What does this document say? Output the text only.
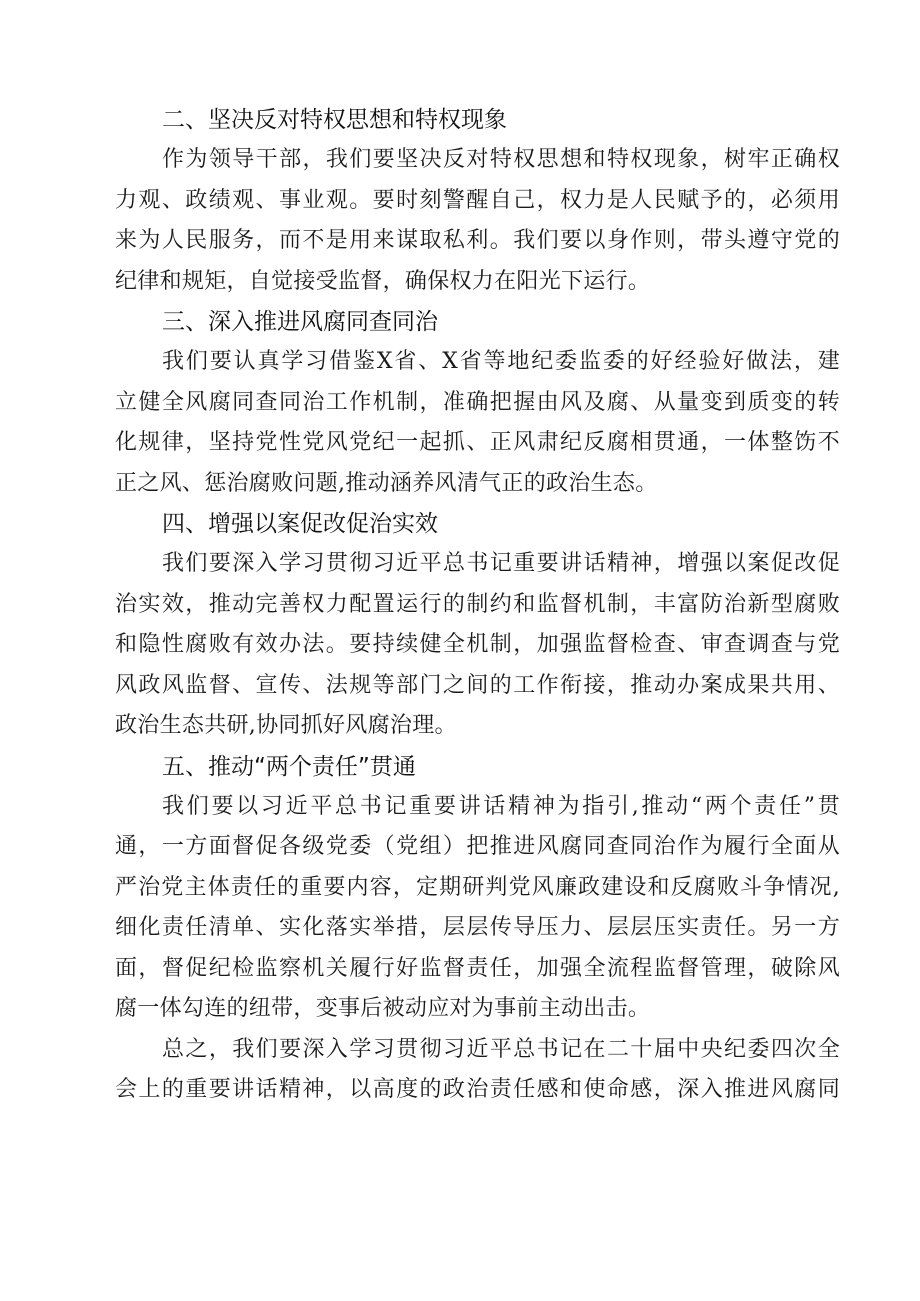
二、坚决反对特权思想和特权现象
作为领导干部，我们要坚决反对特权思想和特权现象，树牢正确权
力观、政绩观、事业观。要时刻警醒自己，权力是人民赋予的，必须用
来为人民服务，而不是用来谋取私利。我们要以身作则，带头遵守党的
纪律和规矩，自觉接受监督，确保权力在阳光下运行。
三、深入推进风腐同查同治
我们要认真学习借鉴X省、X省等地纪委监委的好经验好做法，建
立健全风腐同查同治工作机制，准确把握由风及腐、从量变到质变的转
化规律，坚持党性党风党纪一起抓、正风肃纪反腐相贯通，一体整饬不
正之风、惩治腐败问题,推动涵养风清气正的政治生态。
四、增强以案促改促治实效
我们要深入学习贯彻习近平总书记重要讲话精神，增强以案促改促
治实效，推动完善权力配置运行的制约和监督机制，丰富防治新型腐败
和隐性腐败有效办法。要持续健全机制，加强监督检查、审查调查与党
风政风监督、宣传、法规等部门之间的工作衔接，推动办案成果共用、
政治生态共研,协同抓好风腐治理。
五、推动“两个责任”贯通
我们要以习近平总书记重要讲话精神为指引,推动“两个责任”贯
通，一方面督促各级党委（党组）把推进风腐同查同治作为履行全面从
严治党主体责任的重要内容，定期研判党风廉政建设和反腐败斗争情况,
细化责任清单、实化落实举措，层层传导压力、层层压实责任。另一方
面，督促纪检监察机关履行好监督责任，加强全流程监督管理，破除风
腐一体勾连的纽带，变事后被动应对为事前主动出击。
总之，我们要深入学习贯彻习近平总书记在二十届中央纪委四次全
会上的重要讲话精神，以高度的政治责任感和使命感，深入推进风腐同
